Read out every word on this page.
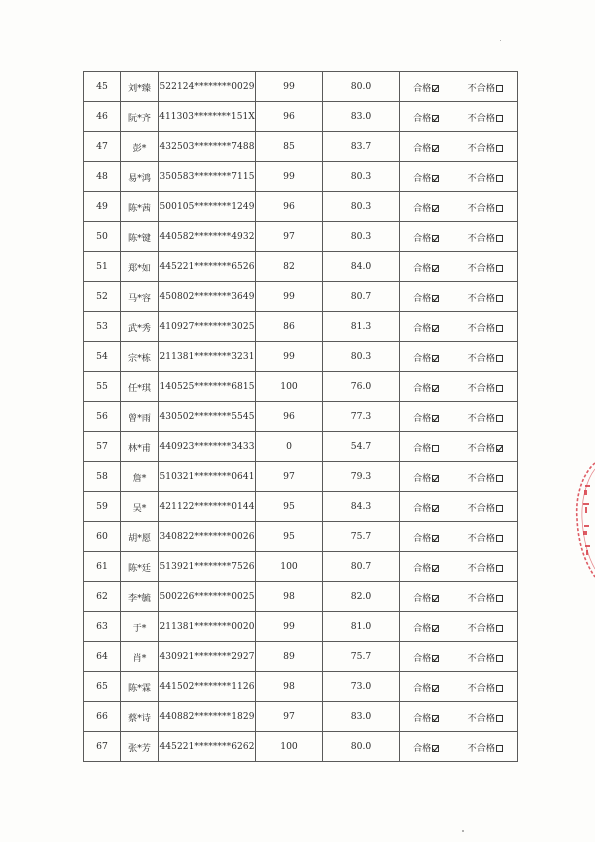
45	刘*臻	522124********0029	99	80.0	合格 不合格

46	阮*齐	411303********151X	96	83.0	合格 不合格

47	彭*	432503********7488	85	83.7	合格 不合格

48	易*鸿	350583********7115	99	80.3	合格 不合格

49	陈*茜	500105********1249	96	80.3	合格 不合格

50	陈*键	440582********4932	97	80.3	合格 不合格

51	郑*如	445221********6526	82	84.0	合格 不合格

52	马*容	450802********3649	99	80.7	合格 不合格

53	武*秀	410927********3025	86	81.3	合格 不合格

54	宗*栋	211381********3231	99	80.3	合格 不合格

55	任*琪	140525********6815	100	76.0	合格 不合格

56	曾*雨	430502********5545	96	77.3	合格 不合格

57	林*甫	440923********3433	0	54.7	合格 不合格

58	詹*	510321********0641	97	79.3	合格 不合格

59	吴*	421122********0144	95	84.3	合格 不合格

60	胡*愿	340822********0026	95	75.7	合格 不合格

61	陈*廷	513921********7526	100	80.7	合格 不合格

62	李*毓	500226********0025	98	82.0	合格 不合格

63	于*	211381********0020	99	81.0	合格 不合格

64	肖*	430921********2927	89	75.7	合格 不合格

65	陈*霖	441502********1126	98	73.0	合格 不合格

66	蔡*诗	440882********1829	97	83.0	合格 不合格

67	张*芳	445221********6262	100	80.0	合格 不合格
